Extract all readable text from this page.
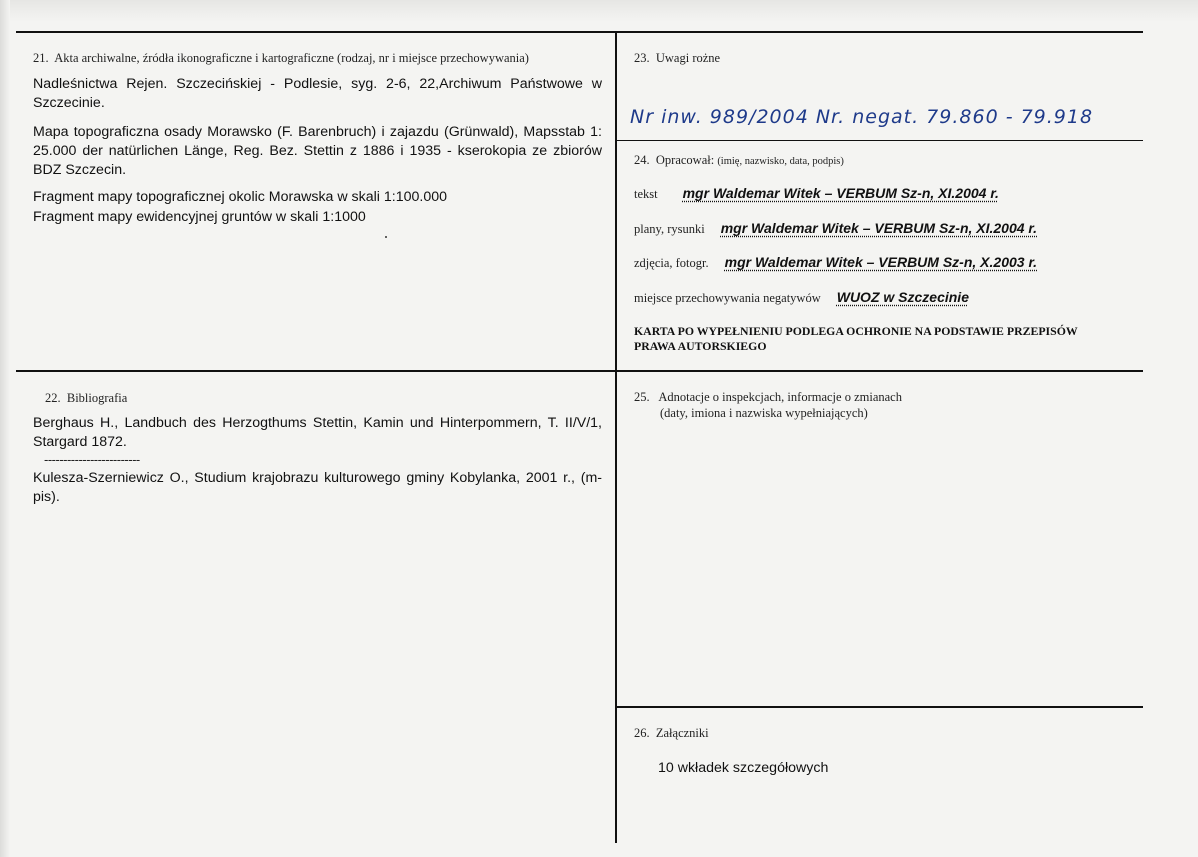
21. Akta archiwalne, źródła ikonograficzne i kartograficzne (rodzaj, nr i miejsce przechowywania)

Nadleśnictwa Rejen. Szczecińskiej - Podlesie, syg. 2-6, 22,Archiwum Państwowe w Szczecinie.

Mapa topograficzna osady Morawsko (F. Barenbruch) i zajazdu (Grünwald), Mapsstab 1: 25.000 der natürlichen Länge, Reg. Bez. Stettin z 1886 i 1935 - kserokopia ze zbiorów BDZ Szczecin.

Fragment mapy topograficznej okolic Morawska w skali 1:100.000

Fragment mapy ewidencyjnej gruntów w skali 1:1000

23. Uwagi rożne
Nr inw. 989/2004 Nr. negat. 79.860 - 79.918
24. Opracował: (imię, nazwisko, data, podpis)
tekst mgr Waldemar Witek – VERBUM Sz-n, XI.2004 r.
plany, rysunki mgr Waldemar Witek – VERBUM Sz-n, XI.2004 r.
zdjęcia, fotogr. mgr Waldemar Witek – VERBUM Sz-n, X.2003 r.
miejsce przechowywania negatywów WUOZ w Szczecinie
KARTA PO WYPEŁNIENIU PODLEGA OCHRONIE NA PODSTAWIE PRZEPISÓW
PRAWA AUTORSKIEGO
22. Bibliografia
Berghaus H., Landbuch des Herzogthums Stettin, Kamin und Hinterpommern, T. II/V/1, Stargard 1872.
-------------------------
Kulesza-Szerniewicz O., Studium krajobrazu kulturowego gminy Kobylanka, 2001 r., (m-pis).
25. Adnotacje o inspekcjach, informacje o zmianach
(daty, imiona i nazwiska wypełniających)
26. Załączniki
10 wkładek szczegółowych
